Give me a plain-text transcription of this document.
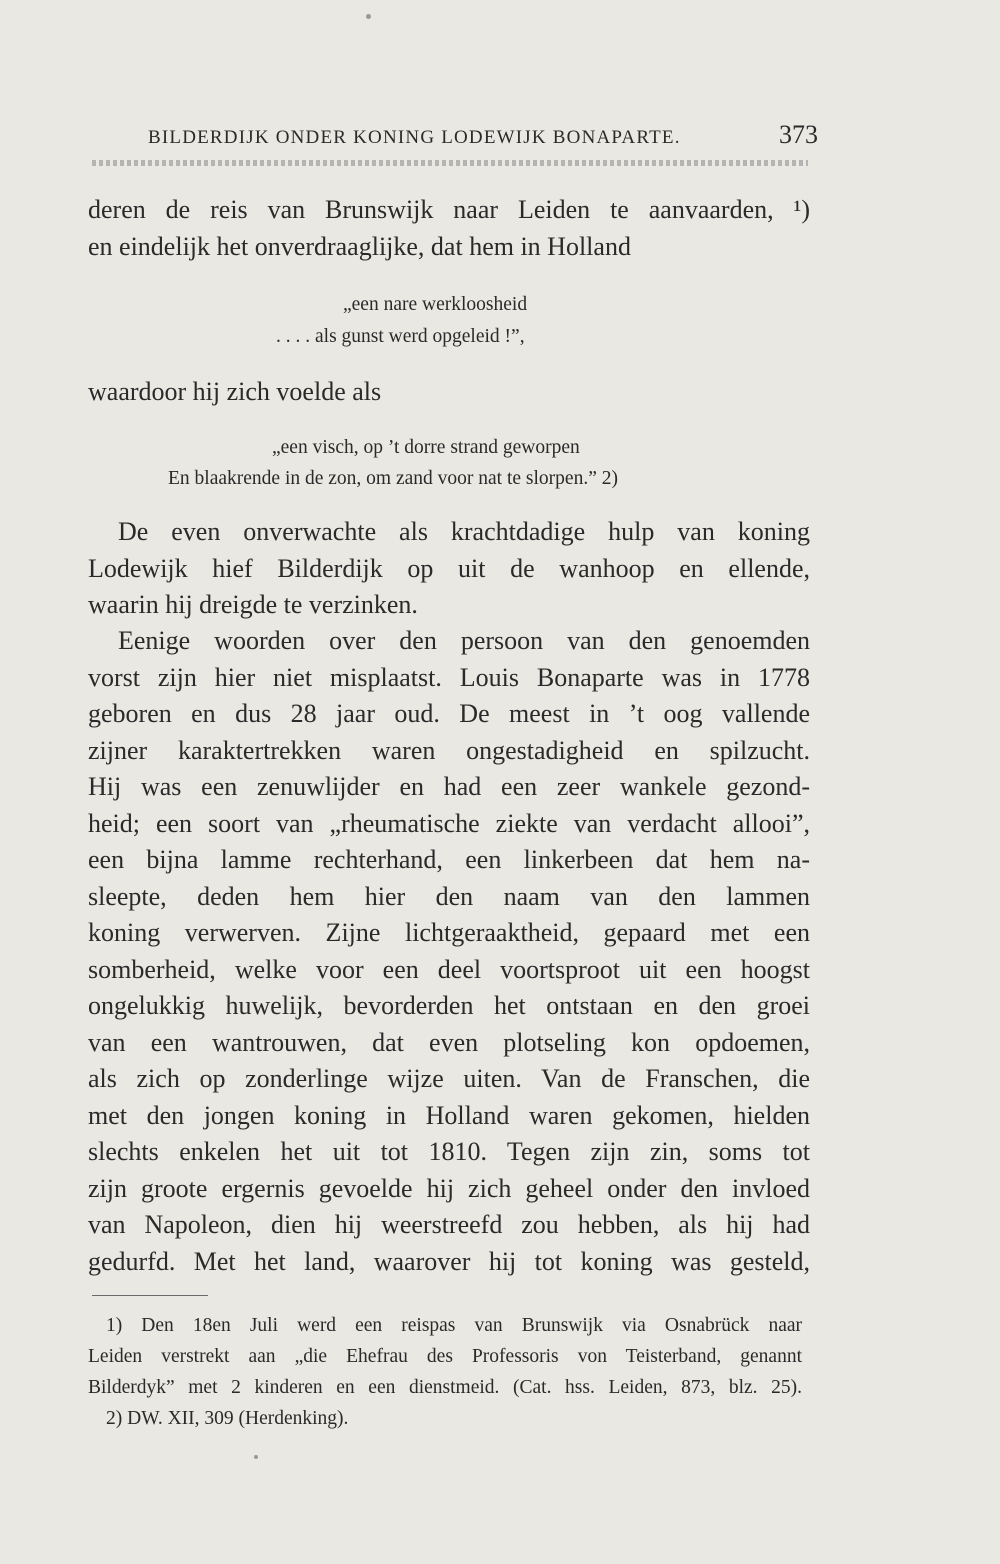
BILDERDIJK ONDER KONING LODEWIJK BONAPARTE.	373
deren de reis van Brunswijk naar Leiden te aanvaarden, ¹)
en eindelijk het onverdraaglijke, dat hem in Holland
„een nare werkloosheid
. . . . als gunst werd opgeleid !”,
waardoor hij zich voelde als
„een visch, op ’t dorre strand geworpen
En blaakrende in de zon, om zand voor nat te slorpen.” 2)
De even onverwachte als krachtdadige hulp van koning
Lodewijk hief Bilderdijk op uit de wanhoop en ellende,
waarin hij dreigde te verzinken.
Eenige woorden over den persoon van den genoemden
vorst zijn hier niet misplaatst. Louis Bonaparte was in 1778
geboren en dus 28 jaar oud. De meest in ’t oog vallende
zijner karaktertrekken waren ongestadigheid en spilzucht.
Hij was een zenuwlijder en had een zeer wankele gezond-
heid; een soort van „rheumatische ziekte van verdacht allooi”,
een bijna lamme rechterhand, een linkerbeen dat hem na-
sleepte, deden hem hier den naam van den lammen
koning verwerven. Zijne lichtgeraaktheid, gepaard met een
somberheid, welke voor een deel voortsproot uit een hoogst
ongelukkig huwelijk, bevorderden het ontstaan en den groei
van een wantrouwen, dat even plotseling kon opdoemen,
als zich op zonderlinge wijze uiten. Van de Franschen, die
met den jongen koning in Holland waren gekomen, hielden
slechts enkelen het uit tot 1810. Tegen zijn zin, soms tot
zijn groote ergernis gevoelde hij zich geheel onder den invloed
van Napoleon, dien hij weerstreefd zou hebben, als hij had
gedurfd. Met het land, waarover hij tot koning was gesteld,
1) Den 18en Juli werd een reispas van Brunswijk via Osnabrück naar
Leiden verstrekt aan „die Ehefrau des Professoris von Teisterband, genannt
Bilderdyk” met 2 kinderen en een dienstmeid. (Cat. hss. Leiden, 873, blz. 25).
2) DW. XII, 309 (Herdenking).
